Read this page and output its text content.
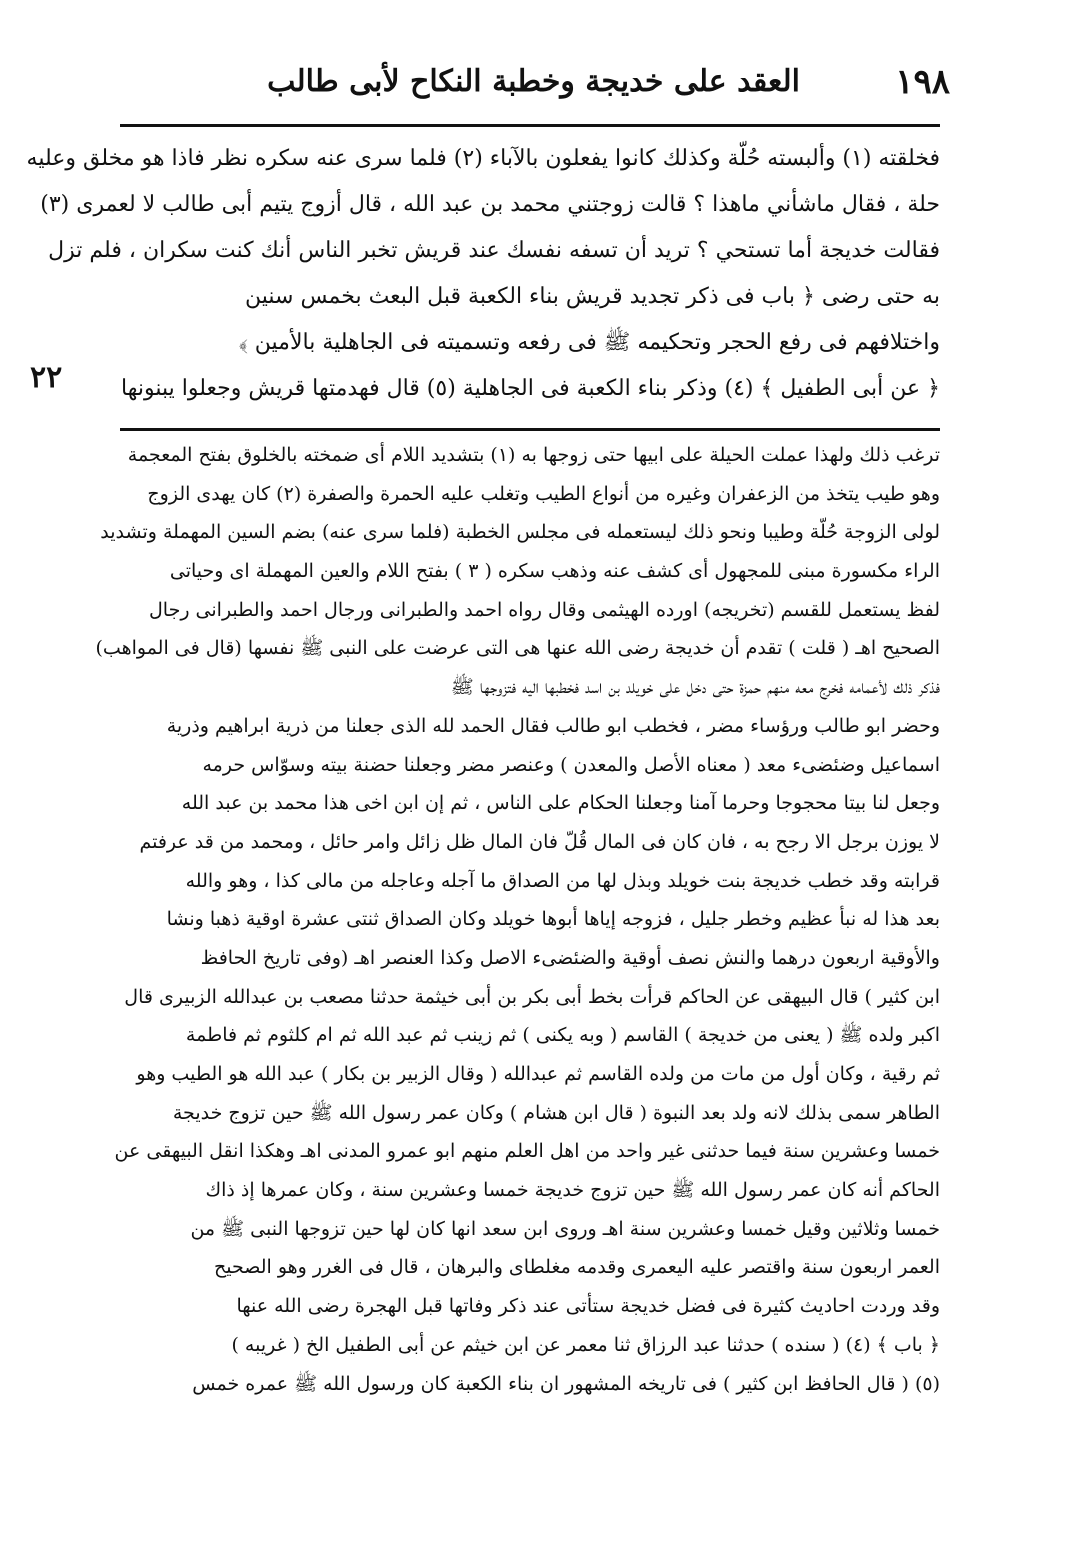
١٩٨
العقد على خديجة وخطبة النكاح لأبى طالب
فخلقته (١) وألبسته حُلّة وكذلك كانوا يفعلون بالآباء (٢) فلما سرى عنه سكره نظر فاذا هو مخلق وعليه
حلة ، فقال ماشأني ماهذا ؟ قالت زوجتني محمد بن عبد الله ، قال أزوج يتيم أبى طالب لا لعمرى (٣)
فقالت خديجة أما تستحي ؟ تريد أن تسفه نفسك عند قريش تخبر الناس أنك كنت سكران ، فلم تزل
به حتى رضى ﴿ باب فى ذكر تجديد قريش بناء الكعبة قبل البعث بخمس سنين
واختلافهم فى رفع الحجر وتحكيمه ﷺ فى رفعه وتسميته فى الجاهلية بالأمين ﴾
﴿ عن أبى الطفيل ﴾ (٤) وذكر بناء الكعبة فى الجاهلية (٥) قال فهدمتها قريش وجعلوا يبنونها
٢٢
ترغب ذلك ولهذا عملت الحيلة على ابيها حتى زوجها به (١) بتشديد اللام أى ضمخته بالخلوق بفتح المعجمة
وهو طيب يتخذ من الزعفران وغيره من أنواع الطيب وتغلب عليه الحمرة والصفرة (٢) كان يهدى الزوج
لولى الزوجة حُلّة وطيبا ونحو ذلك ليستعمله فى مجلس الخطبة (فلما سرى عنه) بضم السين المهملة وتشديد
الراء مكسورة مبنى للمجهول أى كشف عنه وذهب سكره ( ٣ ) بفتح اللام والعين المهملة اى وحياتى
لفظ يستعمل للقسم (تخريجه) اورده الهيثمى وقال رواه احمد والطبرانى ورجال احمد والطبرانى رجال
الصحيح اهـ ( قلت ) تقدم أن خديجة رضى الله عنها هى التى عرضت على النبى ﷺ نفسها (قال فى المواهب)
فذكر ذلك لأعمامه فخرج معه منهم حمزة حتى دخل على خويلد بن اسد فخطبها اليه فتزوجها ﷺ
وحضر ابو طالب ورؤساء مضر ، فخطب ابو طالب فقال الحمد لله الذى جعلنا من ذرية ابراهيم وذرية
اسماعيل وضئضىء معد ( معناه الأصل والمعدن ) وعنصر مضر وجعلنا حضنة بيته وسوّاس حرمه
وجعل لنا بيتا محجوجا وحرما آمنا وجعلنا الحكام على الناس ، ثم إن ابن اخى هذا محمد بن عبد الله
لا يوزن برجل الا رجح به ، فان كان فى المال قُلّ فان المال ظل زائل وامر حائل ، ومحمد من قد عرفتم
قرابته وقد خطب خديجة بنت خويلد وبذل لها من الصداق ما آجله وعاجله من مالى كذا ، وهو والله
بعد هذا له نبأ عظيم وخطر جليل ، فزوجه إياها أبوها خويلد وكان الصداق ثنتى عشرة اوقية ذهبا ونشا
والأوقية اربعون درهما والنش نصف أوقية والضئضىء الاصل وكذا العنصر اهـ (وفى تاريخ الحافظ
ابن كثير ) قال البيهقى عن الحاكم قرأت بخط أبى بكر بن أبى خيثمة حدثنا مصعب بن عبدالله الزبيرى قال
اكبر ولده ﷺ ( يعنى من خديجة ) القاسم ( وبه يكنى ) ثم زينب ثم عبد الله ثم ام كلثوم ثم فاطمة
ثم رقية ، وكان أول من مات من ولده القاسم ثم عبدالله ( وقال الزبير بن بكار ) عبد الله هو الطيب وهو
الطاهر سمى بذلك لانه ولد بعد النبوة ( قال ابن هشام ) وكان عمر رسول الله ﷺ حين تزوج خديجة
خمسا وعشرين سنة فيما حدثنى غير واحد من اهل العلم منهم ابو عمرو المدنى اهـ وهكذا انقل البيهقى عن
الحاكم أنه كان عمر رسول الله ﷺ حين تزوج خديجة خمسا وعشرين سنة ، وكان عمرها إذ ذاك
خمسا وثلاثين وقيل خمسا وعشرين سنة اهـ وروى ابن سعد انها كان لها حين تزوجها النبى ﷺ من
العمر اربعون سنة واقتصر عليه اليعمرى وقدمه مغلطاى والبرهان ، قال فى الغرر وهو الصحيح
وقد وردت احاديث كثيرة فى فضل خديجة ستأتى عند ذكر وفاتها قبل الهجرة رضى الله عنها
﴿ باب ﴾ (٤) ( سنده ) حدثنا عبد الرزاق ثنا معمر عن ابن خيثم عن أبى الطفيل الخ ( غريبه )
(٥) ( قال الحافظ ابن كثير ) فى تاريخه المشهور ان بناء الكعبة كان ورسول الله ﷺ عمره خمس
